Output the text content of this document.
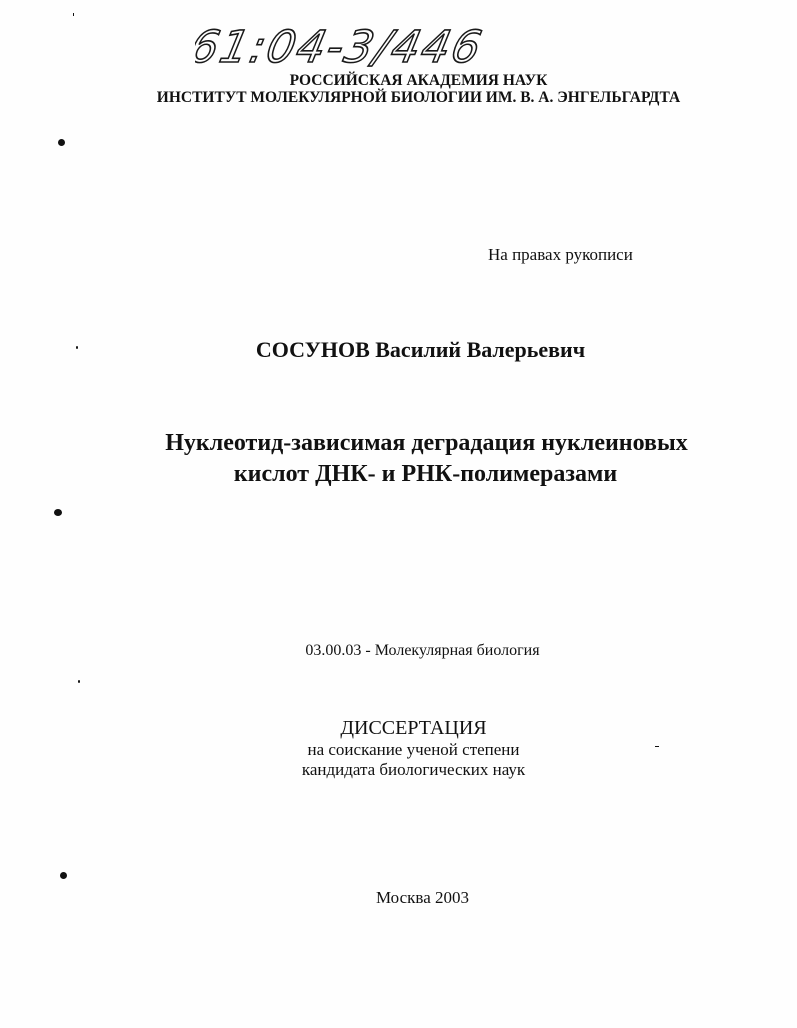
61:04-3/446
РОССИЙСКАЯ АКАДЕМИЯ НАУК
ИНСТИТУТ МОЛЕКУЛЯРНОЙ БИОЛОГИИ ИМ. В. А. ЭНГЕЛЬГАРДТА
На правах рукописи
СОСУНОВ Василий Валерьевич
Нуклеотид-зависимая деградация нуклеиновых
кислот ДНК- и РНК-полимеразами
03.00.03 - Молекулярная биология
ДИССЕРТАЦИЯ
на соискание ученой степени
кандидата биологических наук
Москва 2003
